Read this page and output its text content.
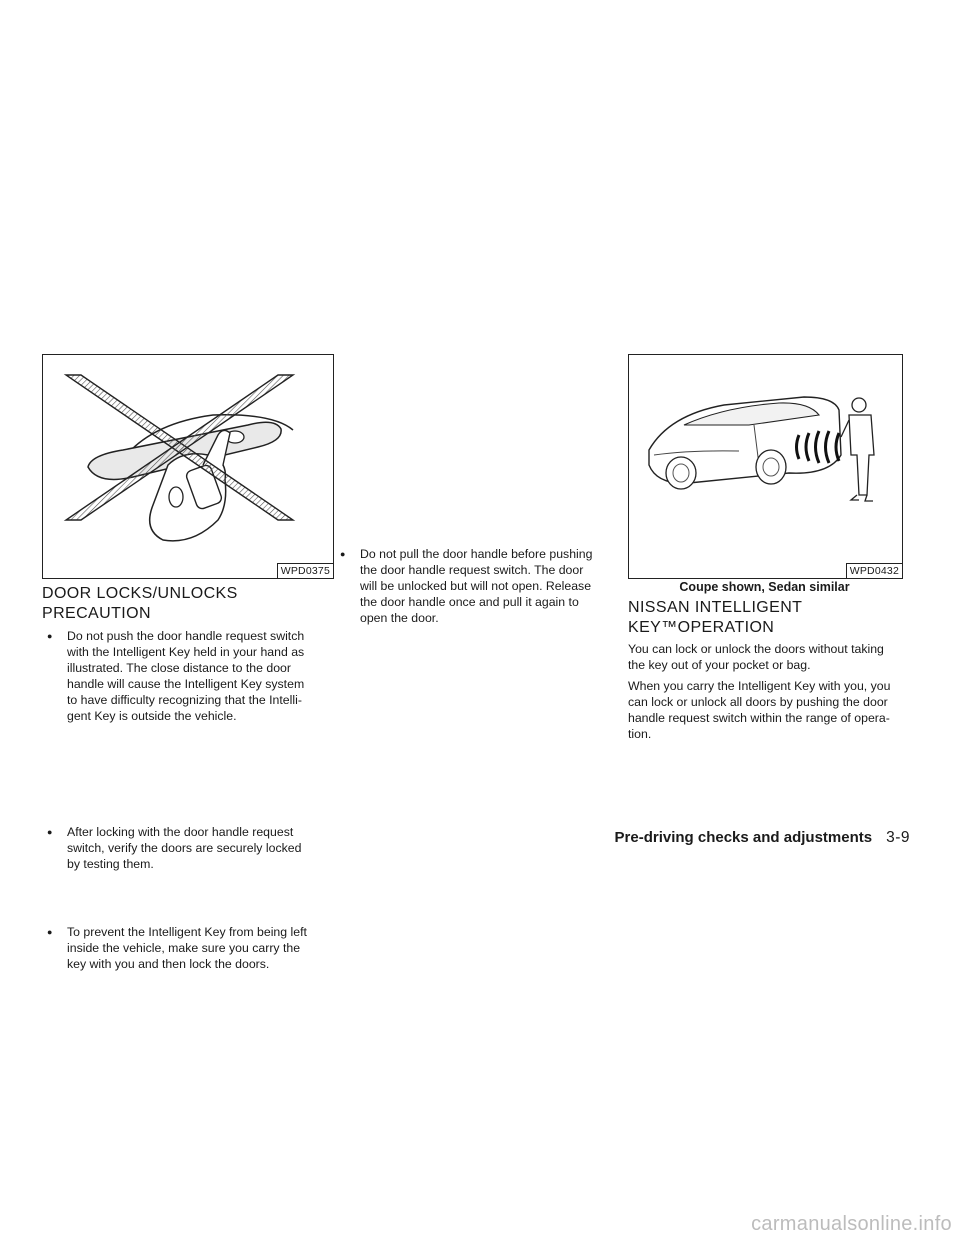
WPD0375
DOOR LOCKS/UNLOCKS
PRECAUTION
● Do not push the door handle request switch
with the Intelligent Key held in your hand as
illustrated. The close distance to the door
handle will cause the Intelligent Key system
to have difficulty recognizing that the Intelli-
gent Key is outside the vehicle.
● After locking with the door handle request
switch, verify the doors are securely locked
by testing them.
● To prevent the Intelligent Key from being left
inside the vehicle, make sure you carry the
key with you and then lock the doors.
● Do not pull the door handle before pushing
the door handle request switch. The door
will be unlocked but will not open. Release
the door handle once and pull it again to
open the door.
WPD0432
Coupe shown, Sedan similar
NISSAN INTELLIGENT
KEY™OPERATION
You can lock or unlock the doors without taking
the key out of your pocket or bag.
When you carry the Intelligent Key with you, you
can lock or unlock all doors by pushing the door
handle request switch within the range of opera-
tion.
Pre-driving checks and adjustments 3-9
carmanualsonline.info
